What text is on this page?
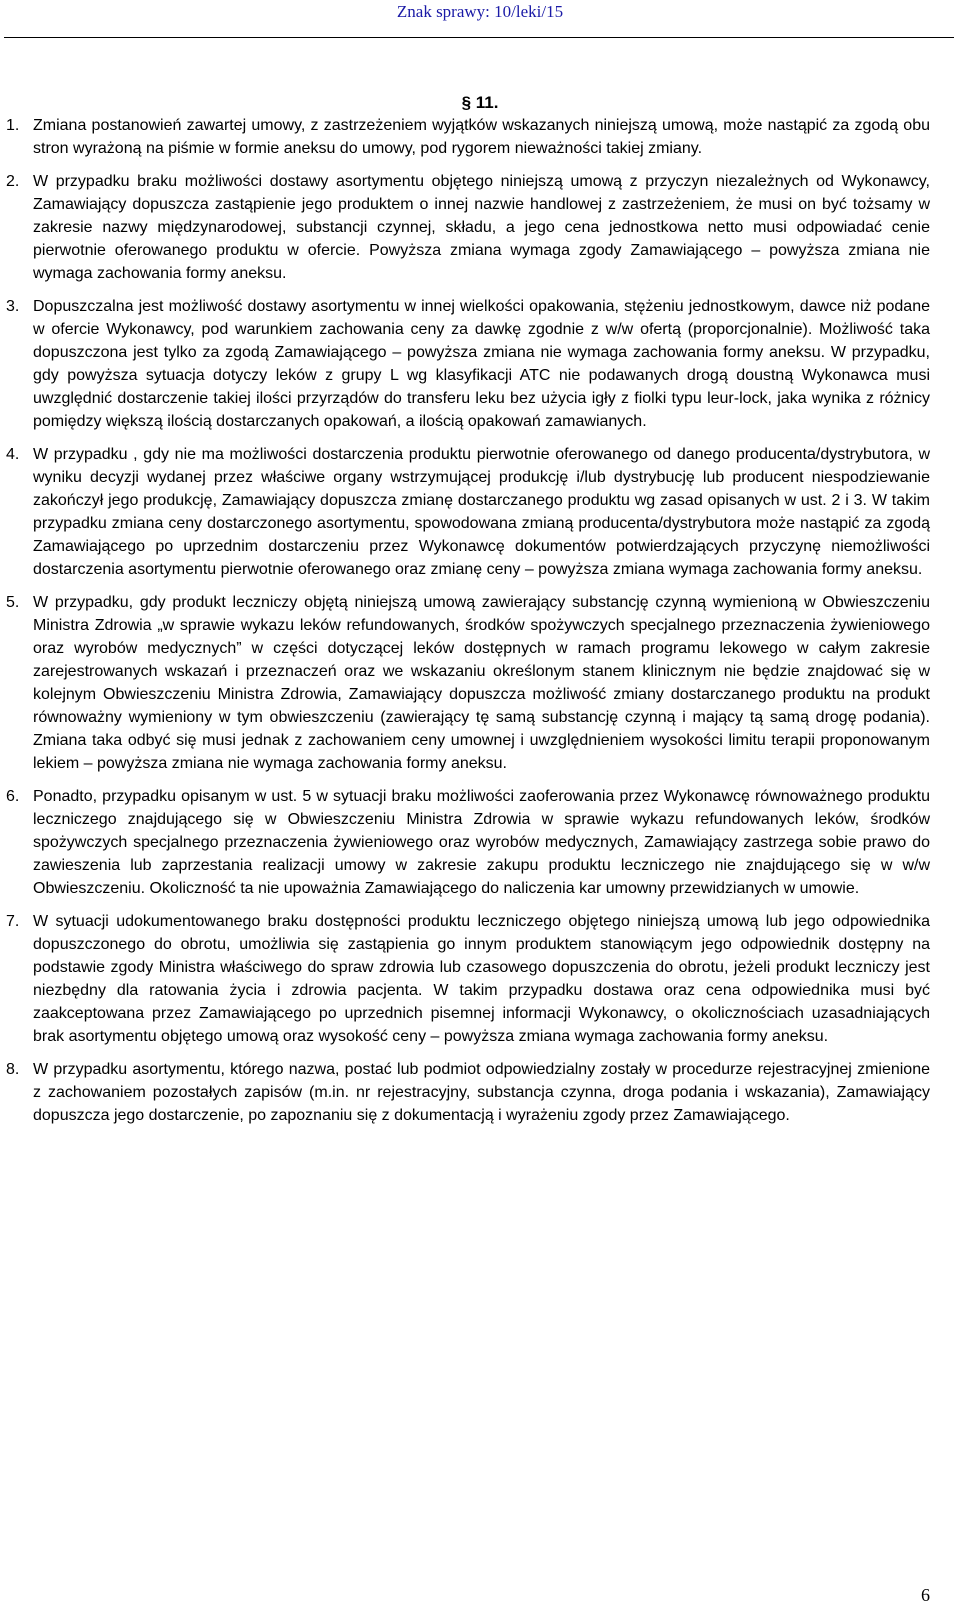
Znak sprawy: 10/leki/15
§ 11.
1. Zmiana postanowień zawartej umowy, z zastrzeżeniem wyjątków wskazanych niniejszą umową, może nastąpić za zgodą obu stron wyrażoną na piśmie w formie aneksu do umowy, pod rygorem nieważności takiej zmiany.
2. W przypadku braku możliwości dostawy asortymentu objętego niniejszą umową z przyczyn niezależnych od Wykonawcy, Zamawiający dopuszcza zastąpienie jego produktem o innej nazwie handlowej z zastrzeżeniem, że musi on być tożsamy w zakresie nazwy międzynarodowej, substancji czynnej, składu, a jego cena jednostkowa netto musi odpowiadać cenie pierwotnie oferowanego produktu w ofercie. Powyższa zmiana wymaga zgody Zamawiającego – powyższa zmiana nie wymaga zachowania formy aneksu.
3. Dopuszczalna jest możliwość dostawy asortymentu w innej wielkości opakowania, stężeniu jednostkowym, dawce niż podane w ofercie Wykonawcy, pod warunkiem zachowania ceny za dawkę zgodnie z w/w ofertą (proporcjonalnie). Możliwość taka dopuszczona jest tylko za zgodą Zamawiającego – powyższa zmiana nie wymaga zachowania formy aneksu. W przypadku, gdy powyższa sytuacja dotyczy leków z grupy L wg klasyfikacji ATC nie podawanych drogą doustną Wykonawca musi uwzględnić dostarczenie takiej ilości przyrządów do transferu leku bez użycia igły z fiolki typu leur-lock, jaka wynika z różnicy pomiędzy większą ilością dostarczanych opakowań, a ilością opakowań zamawianych.
4. W przypadku , gdy nie ma możliwości dostarczenia produktu pierwotnie oferowanego od danego producenta/dystrybutora, w wyniku decyzji wydanej przez właściwe organy wstrzymującej produkcję i/lub dystrybucję lub producent niespodziewanie zakończył jego produkcję, Zamawiający dopuszcza zmianę dostarczanego produktu wg zasad opisanych w ust. 2 i 3. W takim przypadku zmiana ceny dostarczonego asortymentu, spowodowana zmianą producenta/dystrybutora może nastąpić za zgodą Zamawiającego po uprzednim dostarczeniu przez Wykonawcę dokumentów potwierdzających przyczynę niemożliwości dostarczenia asortymentu pierwotnie oferowanego oraz zmianę ceny – powyższa zmiana wymaga zachowania formy aneksu.
5. W przypadku, gdy produkt leczniczy objętą niniejszą umową zawierający substancję czynną wymienioną w Obwieszczeniu Ministra Zdrowia „w sprawie wykazu leków refundowanych, środków spożywczych specjalnego przeznaczenia żywieniowego oraz wyrobów medycznych” w części dotyczącej leków dostępnych w ramach programu lekowego w całym zakresie zarejestrowanych wskazań i przeznaczeń oraz we wskazaniu określonym stanem klinicznym nie będzie znajdować się w kolejnym Obwieszczeniu Ministra Zdrowia, Zamawiający dopuszcza możliwość zmiany dostarczanego produktu na produkt równoważny wymieniony w tym obwieszczeniu (zawierający tę samą substancję czynną i mający tą samą drogę podania). Zmiana taka odbyć się musi jednak z zachowaniem ceny umownej i uwzględnieniem wysokości limitu terapii proponowanym lekiem – powyższa zmiana nie wymaga zachowania formy aneksu.
6. Ponadto, przypadku opisanym w ust. 5 w sytuacji braku możliwości zaoferowania przez Wykonawcę równoważnego produktu leczniczego znajdującego się w Obwieszczeniu Ministra Zdrowia w sprawie wykazu refundowanych leków, środków spożywczych specjalnego przeznaczenia żywieniowego oraz wyrobów medycznych, Zamawiający zastrzega sobie prawo do zawieszenia lub zaprzestania realizacji umowy w zakresie zakupu produktu leczniczego nie znajdującego się w w/w Obwieszczeniu. Okoliczność ta nie upoważnia Zamawiającego do naliczenia kar umowny przewidzianych w umowie.
7. W sytuacji udokumentowanego braku dostępności produktu leczniczego objętego niniejszą umową lub jego odpowiednika dopuszczonego do obrotu, umożliwia się zastąpienia go innym produktem stanowiącym jego odpowiednik dostępny na podstawie zgody Ministra właściwego do spraw zdrowia lub czasowego dopuszczenia do obrotu, jeżeli produkt leczniczy jest niezbędny dla ratowania życia i zdrowia pacjenta. W takim przypadku dostawa oraz cena odpowiednika musi być zaakceptowana przez Zamawiającego po uprzednich pisemnej informacji Wykonawcy, o okolicznościach uzasadniających brak asortymentu objętego umową oraz wysokość ceny – powyższa zmiana wymaga zachowania formy aneksu.
8. W przypadku asortymentu, którego nazwa, postać lub podmiot odpowiedzialny zostały w procedurze rejestracyjnej zmienione z zachowaniem pozostałych zapisów (m.in. nr rejestracyjny, substancja czynna, droga podania i wskazania), Zamawiający dopuszcza jego dostarczenie, po zapoznaniu się z dokumentacją i wyrażeniu zgody przez Zamawiającego.
6
